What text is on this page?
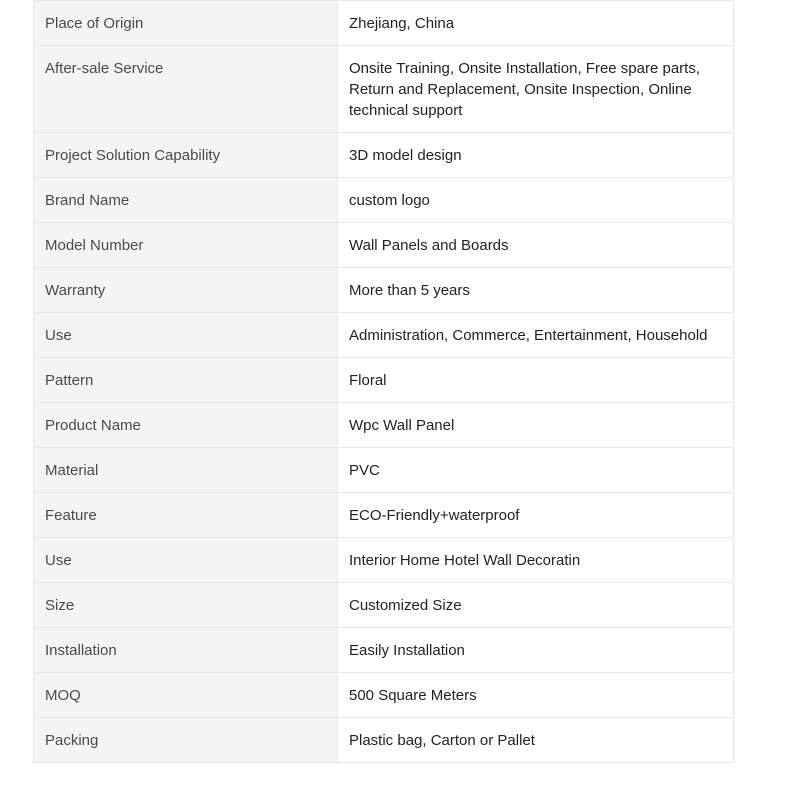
Place of Origin	Zhejiang, China
After-sale Service	Onsite Training, Onsite Installation, Free spare parts, Return and Replacement, Onsite Inspection, Online technical support
Project Solution Capability	3D model design
Brand Name	custom logo
Model Number	Wall Panels and Boards
Warranty	More than 5 years
Use	Administration, Commerce, Entertainment, Household
Pattern	Floral
Product Name	Wpc Wall Panel
Material	PVC
Feature	ECO-Friendly+waterproof
Use	Interior Home Hotel Wall Decoratin
Size	Customized Size
Installation	Easily Installation
MOQ	500 Square Meters
Packing	Plastic bag, Carton or Pallet
